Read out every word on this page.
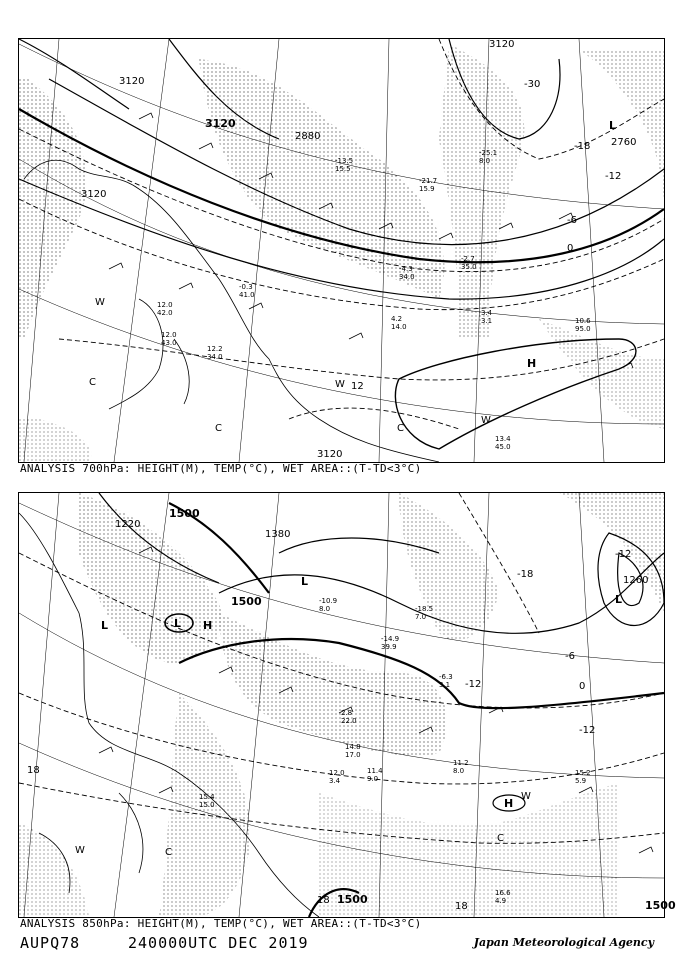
3120
3120
3120
3120
3120
2880
2760
-30
-18
-12
-6
0
12
H
L
W
W
W
C
C	C
12.2
34.0
12.0
42.0
12.0
43.0
10.6
95.0
13.4
45.0
4.2
14.0
3.4
3.1
-4.3
34.0
-0.3
41.0
-25.1
8.0
-21.7
15.9
-13.5
15.5
-2.7
35.0
ANALYSIS 700hPa: HEIGHT(M), TEMP(°C), WET AREA::(T-TD<3°C)
1500
1500	1500
1500
1380
1260
1220
-18
-12
-6
0
-12
18
18
18
-12
L	L
L
L
H
H
W
W
C
C
11.2
8.0	15.2
5.9
16.6
4.9
15.4
15.0
11.4
9.0
12.0
3.4
14.8
17.0
2.8
22.0
-6.3
3.1
-10.9
8.0	-18.5
7.0
-14.9
39.9
ANALYSIS 850hPa: HEIGHT(M), TEMP(°C), WET AREA::(T-TD<3°C)
AUPQ78	240000UTC DEC 2019	Japan Meteorological Agency
